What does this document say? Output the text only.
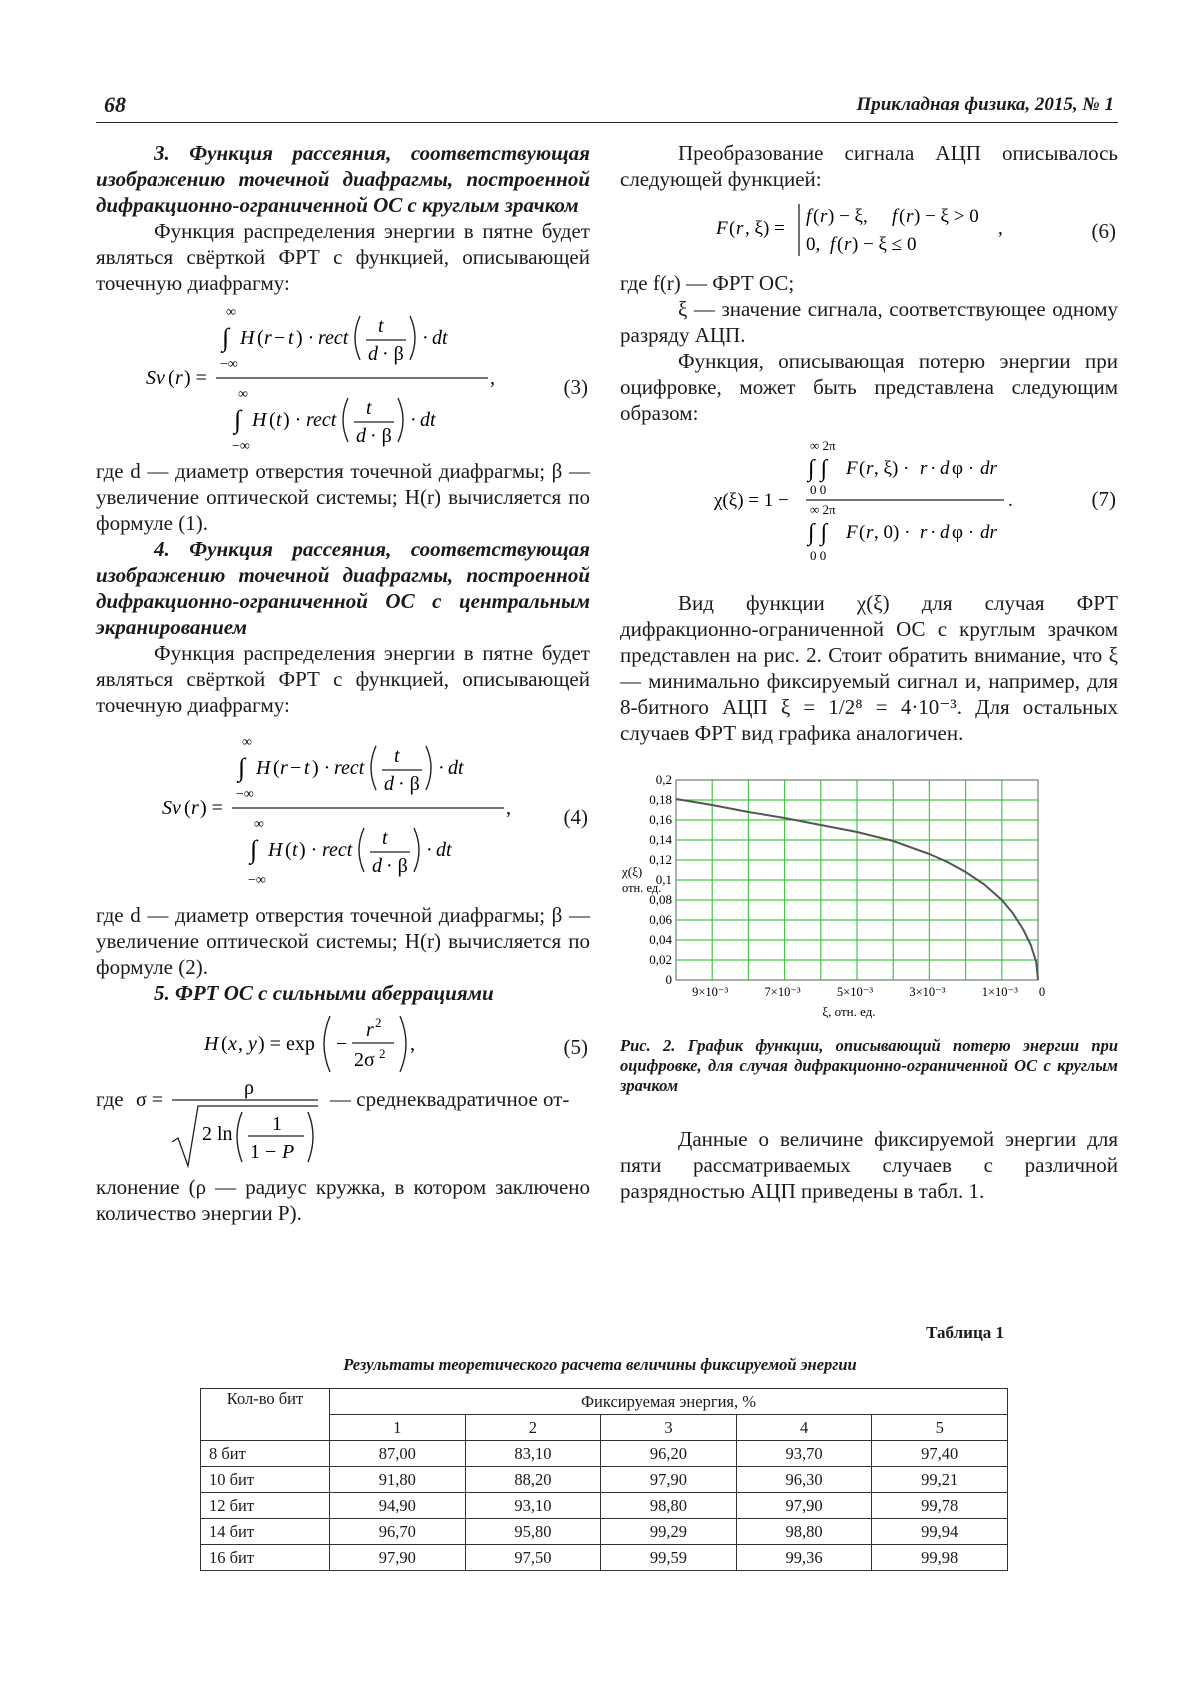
68	Прикладная физика, 2015, № 1

3. Функция рассеяния, соответствующая изображению точечной диафрагмы, построенной дифракционно-ограниченной ОС с круглым зрачком

Функция распределения энергии в пятне будет являться свёрткой ФРТ с функцией, описывающей точечную диафрагму:

∞
∫ H ( r − t ) · rect
t
d · β
· dt
−∞
Sv ( r ) =	,
∞
∫ H ( t ) · rect
t
d · β
· dt
−∞
(3)

где d — диаметр отверстия точечной диафрагмы; β — увеличение оптической системы; H(r) вычисляется по формуле (1).

4. Функция рассеяния, соответствующая изображению точечной диафрагмы, построенной дифракционно-ограниченной ОС с центральным экранированием

Функция распределения энергии в пятне будет являться свёрткой ФРТ с функцией, описывающей точечную диафрагму:

∞
∫ H ( r − t ) · rect
t
d · β
· dt
−∞
Sv ( r ) =	,
∞
∫ H ( t ) · rect
t
d · β
· dt
−∞
(4)

где d — диаметр отверстия точечной диафрагмы; β — увеличение оптической системы; H(r) вычисляется по формуле (2).

5. ФРТ ОС с сильными аберрациями

H ( x , y ) = exp −
r 2
2σ 2 ,	(5)
где σ =
ρ
2 ln 1
1 − P
— среднеквадратичное от-

клонение (ρ — радиус кружка, в котором заключено количество энергии P).

Преобразование сигнала АЦП описывалось следующей функцией:

F ( r , ξ) =
f ( r ) − ξ, f ( r ) − ξ > 0
0, f ( r ) − ξ ≤ 0
,	(6)

где f(r) — ФРТ ОС;

ξ — значение сигнала, соответствующее одному разряду АЦП.

Функция, описывающая потерю энергии при оцифровке, может быть представлена следующим образом:

∞ 2π
∫ ∫ F ( r , ξ) · r · d φ · dr
0 0
χ(ξ) = 1 −	.
∞ 2π
∫ ∫ F ( r , 0) · r · d φ · dr
0 0
(7)

Вид функции χ(ξ) для случая ФРТ дифракционно-ограниченной ОС с круглым зрачком представлен на рис. 2. Стоит обратить внимание, что ξ — минимально фиксируемый сигнал и, например, для 8-битного АЦП ξ = 1/2⁸ = 4·10⁻³. Для остальных случаев ФРТ вид графика аналогичен.

0
0,02
0,04
0,06
0,08
0,1
0,12
0,14
0,16
0,18
0,2
9×10⁻³	7×10⁻³	5×10⁻³	3×10⁻³	1×10⁻³ 0
χ(ξ)
отн. ед.
ξ, отн. ед.

Рис. 2. График функции, описывающий потерю энергии при оцифровке, для случая дифракционно-ограниченной ОС с круглым зрачком

Данные о величине фиксируемой энергии для пяти рассматриваемых случаев с различной разрядностью АЦП приведены в табл. 1.

Таблица 1
Результаты теоретического расчета величины фиксируемой энергии
Кол-во бит	Фиксируемая энергия, %				
	1	2	3	4	5
8 бит	87,00	83,10	96,20	93,70	97,40
10 бит	91,80	88,20	97,90	96,30	99,21
12 бит	94,90	93,10	98,80	97,90	99,78
14 бит	96,70	95,80	99,29	98,80	99,94
16 бит	97,90	97,50	99,59	99,36	99,98
